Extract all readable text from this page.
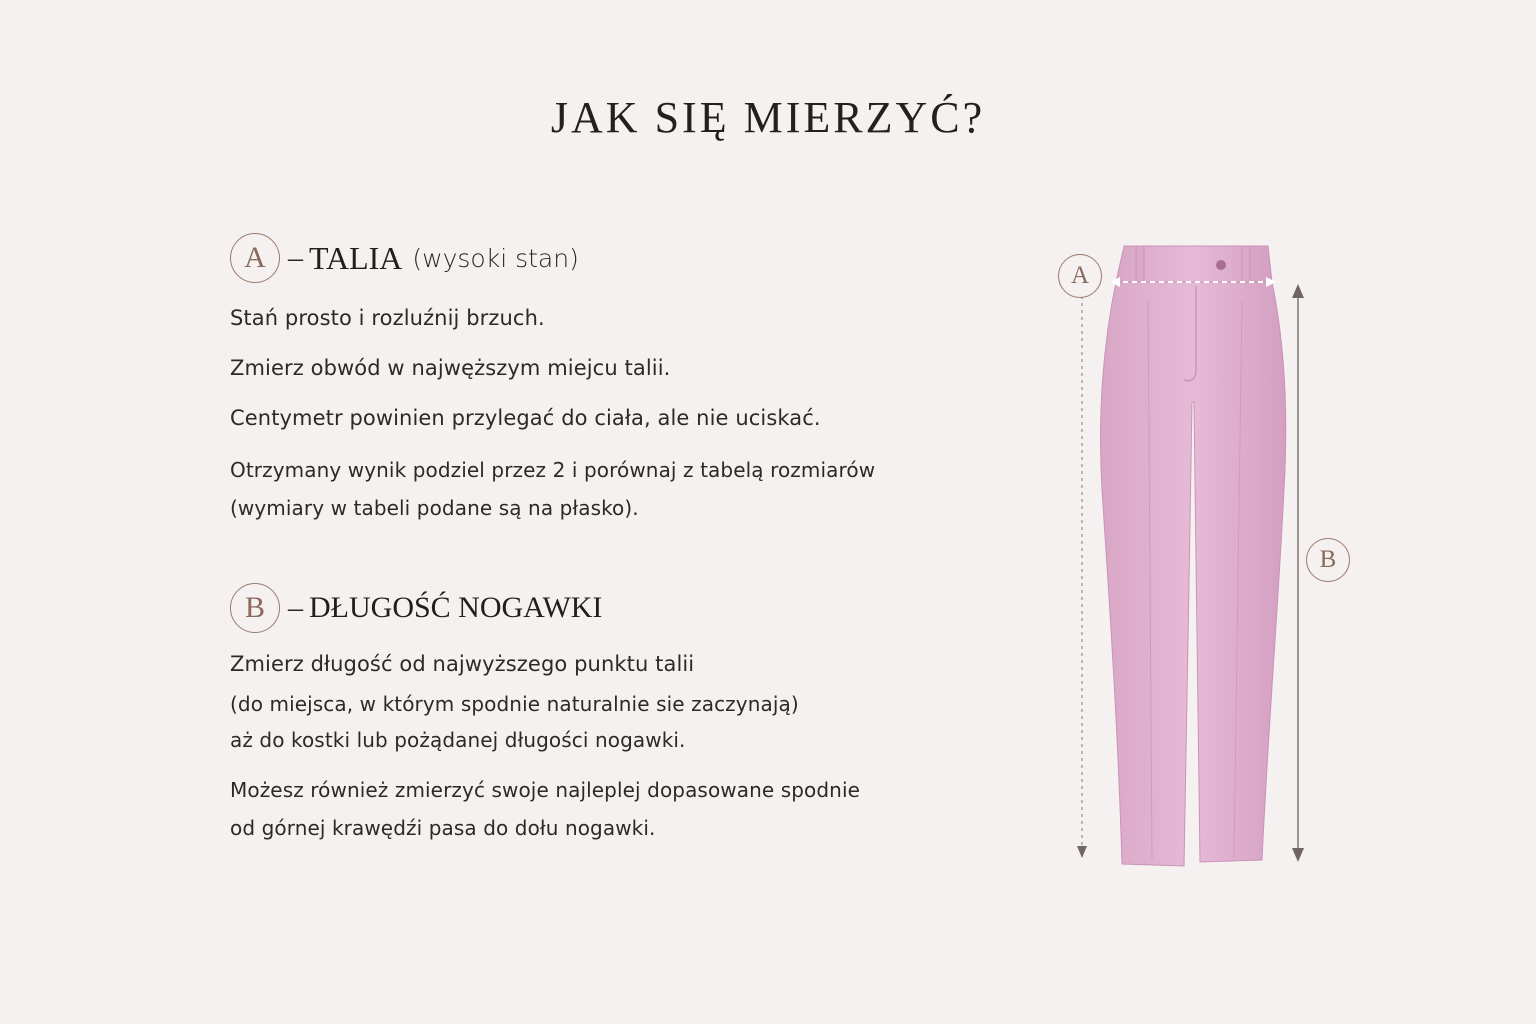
JAK SIĘ MIERZYĆ?
A – TALIA (wysoki stan)
Stań prosto i rozluźnij brzuch.
Zmierz obwód w najwęższym miejcu talii.
Centymetr powinien przylegać do ciała, ale nie uciskać.
Otrzymany wynik podziel przez 2 i porównaj z tabelą rozmiarów
(wymiary w tabeli podane są na płasko).
B – DŁUGOŚĆ NOGAWKI
Zmierz długość od najwyższego punktu talii
(do miejsca, w którym spodnie naturalnie sie zaczynają)
aż do kostki lub pożądanej długości nogawki.
Możesz również zmierzyć swoje najleplej dopasowane spodnie
od górnej krawędźi pasa do dołu nogawki.
A
B
